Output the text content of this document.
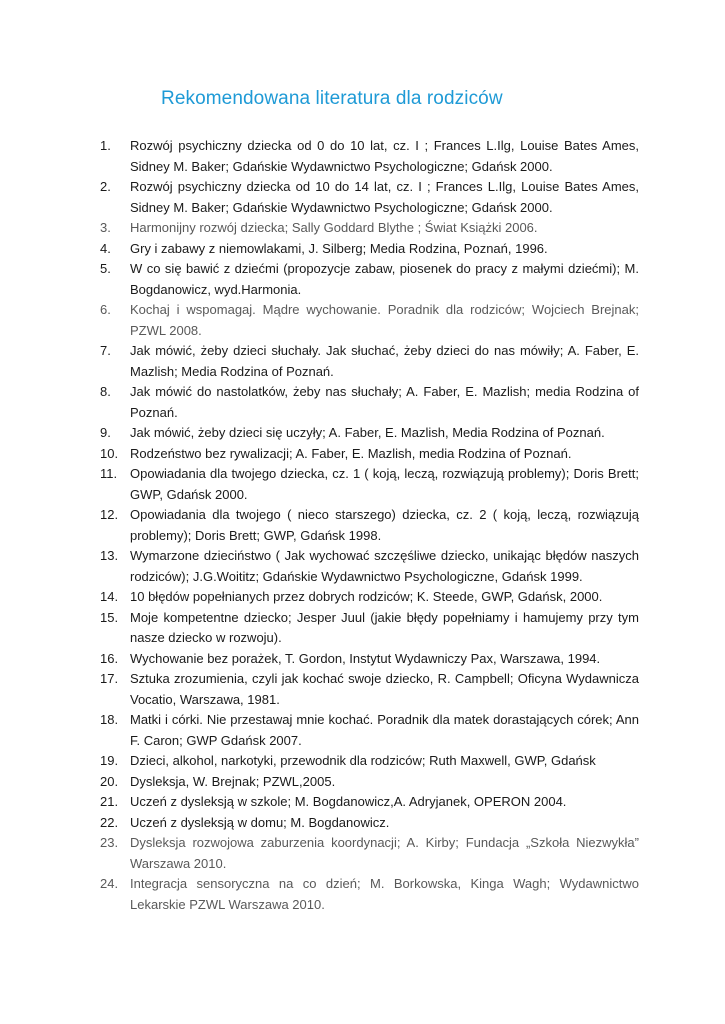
Rekomendowana literatura dla rodziców
1.	Rozwój psychiczny dziecka od 0 do 10 lat, cz. I ; Frances L.Ilg, Louise Bates Ames, Sidney M. Baker; Gdańskie Wydawnictwo Psychologiczne; Gdańsk 2000.
2.	Rozwój psychiczny dziecka od 10 do 14 lat, cz. I ; Frances L.Ilg, Louise Bates Ames, Sidney M. Baker; Gdańskie Wydawnictwo Psychologiczne; Gdańsk 2000.
3.	Harmonijny rozwój dziecka; Sally Goddard Blythe ; Świat Książki 2006.
4.	Gry i zabawy z niemowlakami, J. Silberg; Media Rodzina, Poznań, 1996.
5.	W co się bawić z dziećmi (propozycje zabaw, piosenek do pracy z małymi dziećmi); M. Bogdanowicz, wyd.Harmonia.
6.	Kochaj i wspomagaj. Mądre wychowanie. Poradnik dla rodziców; Wojciech Brejnak; PZWL 2008.
7.	Jak mówić, żeby dzieci słuchały. Jak słuchać, żeby dzieci do nas mówiły; A. Faber, E. Mazlish; Media Rodzina of Poznań.
8.	Jak mówić do nastolatków, żeby nas słuchały; A. Faber, E. Mazlish; media Rodzina of Poznań.
9.	Jak mówić, żeby dzieci się uczyły; A. Faber, E. Mazlish, Media Rodzina of Poznań.
10. Rodzeństwo bez rywalizacji; A. Faber, E. Mazlish, media Rodzina of Poznań.
11. Opowiadania dla twojego dziecka, cz. 1 ( koją, leczą, rozwiązują problemy); Doris Brett; GWP, Gdańsk 2000.
12. Opowiadania dla twojego ( nieco starszego) dziecka, cz. 2 ( koją, leczą, rozwiązują problemy); Doris Brett; GWP, Gdańsk 1998.
13. Wymarzone dzieciństwo ( Jak wychować szczęśliwe dziecko, unikając błędów naszych rodziców); J.G.Woititz; Gdańskie Wydawnictwo Psychologiczne, Gdańsk 1999.
14. 10 błędów popełnianych przez dobrych rodziców; K. Steede, GWP, Gdańsk, 2000.
15. Moje kompetentne dziecko; Jesper Juul (jakie błędy popełniamy i hamujemy przy tym nasze dziecko w rozwoju).
16. Wychowanie bez porażek, T. Gordon, Instytut Wydawniczy Pax, Warszawa, 1994.
17. Sztuka zrozumienia, czyli jak kochać swoje dziecko, R. Campbell; Oficyna Wydawnicza Vocatio, Warszawa, 1981.
18. Matki i córki. Nie przestawaj mnie kochać. Poradnik dla matek dorastających córek; Ann F. Caron; GWP Gdańsk 2007.
19. Dzieci, alkohol, narkotyki, przewodnik dla rodziców; Ruth Maxwell, GWP, Gdańsk
20. Dysleksja, W. Brejnak; PZWL,2005.
21. Uczeń z dysleksją w szkole; M. Bogdanowicz,A. Adryjanek, OPERON 2004.
22. Uczeń z dysleksją w domu; M. Bogdanowicz.
23. Dysleksja rozwojowa zaburzenia koordynacji; A. Kirby; Fundacja „Szkoła Niezwykła” Warszawa 2010.
24. Integracja sensoryczna na co dzień; M. Borkowska, Kinga Wagh; Wydawnictwo Lekarskie PZWL Warszawa 2010.
